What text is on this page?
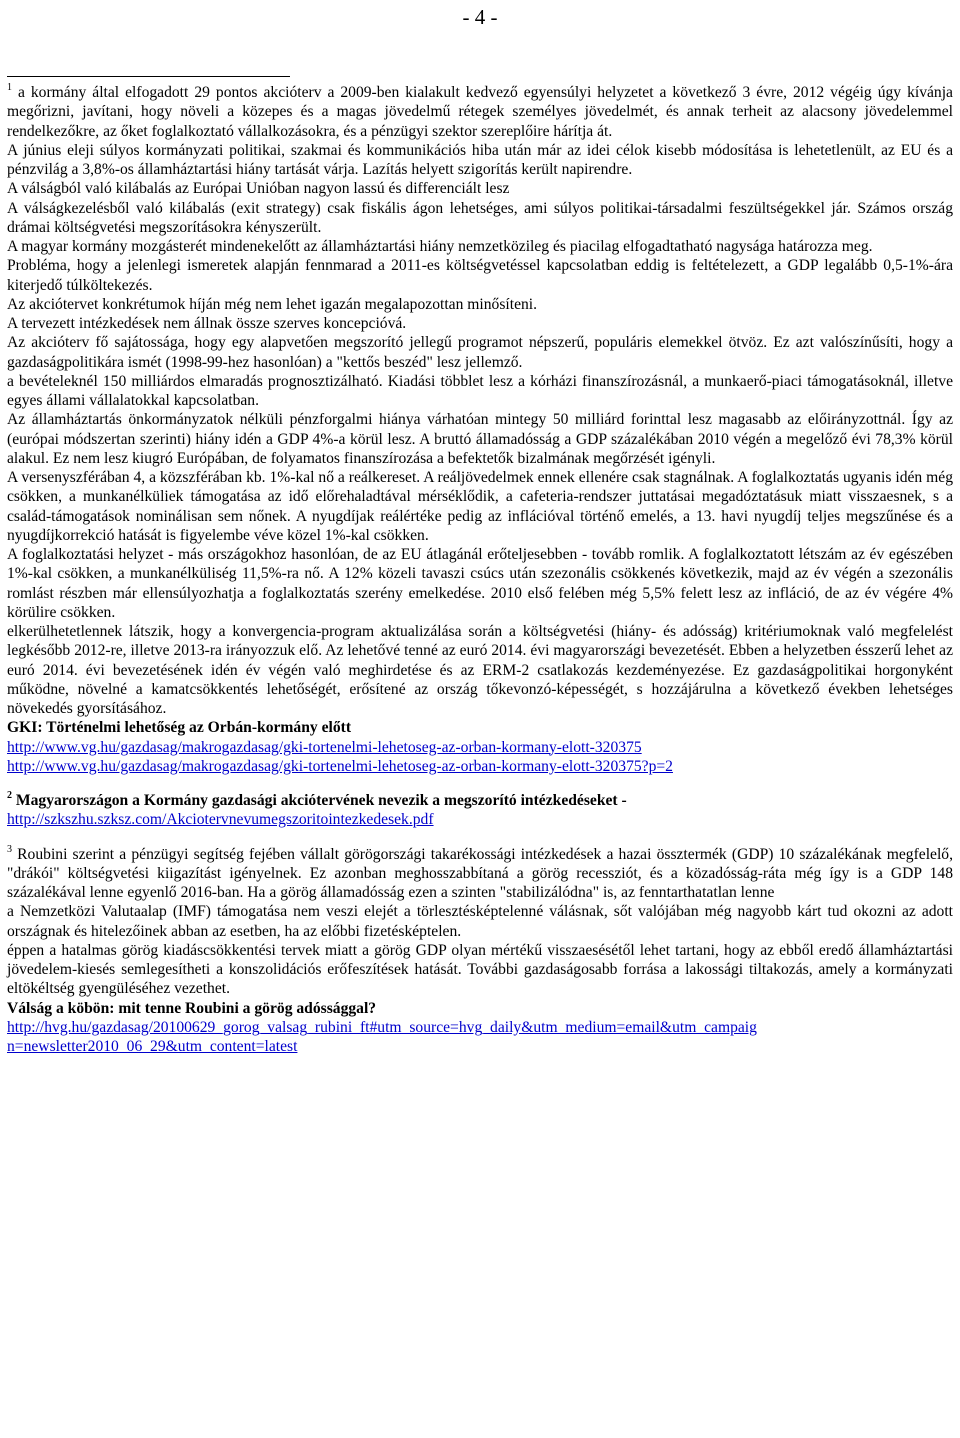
- 4 -

$^1$ a kormány által elfogadott 29 pontos akcióterv a 2009-ben kialakult kedvező egyensúlyi helyzetet a következő 3 évre, 2012 végéig úgy kívánja megőrizni, javítani, hogy növeli a közepes és a magas jövedelmű rétegek személyes jövedelmét, és annak terheit az alacsony jövedelemmel rendelkezőkre, az őket foglalkoztató vállalkozásokra, és a pénzügyi szektor szereplőire hárítja át.

A június eleji súlyos kormányzati politikai, szakmai és kommunikációs hiba után már az idei célok kisebb módosítása is lehetetlenült, az EU és a pénzvilág a 3,8%-os államháztartási hiány tartását várja. Lazítás helyett szigorítás került napirendre.

A válságból való kilábalás az Európai Unióban nagyon lassú és differenciált lesz

A válságkezelésből való kilábalás (exit strategy) csak fiskális ágon lehetséges, ami súlyos politikai-társadalmi feszültségekkel jár. Számos ország drámai költségvetési megszorításokra kényszerült.

A magyar kormány mozgásterét mindenekelőtt az államháztartási hiány nemzetközileg és piacilag elfogadtatható nagysága határozza meg.

Probléma, hogy a jelenlegi ismeretek alapján fennmarad a 2011-es költségvetéssel kapcsolatban eddig is feltételezett, a GDP legalább 0,5-1%-ára kiterjedő túlköltekezés.

Az akciótervet konkrétumok híján még nem lehet igazán megalapozottan minősíteni.

A tervezett intézkedések nem állnak össze szerves koncepcióvá.

Az akcióterv fő sajátossága, hogy egy alapvetően megszorító jellegű programot népszerű, populáris elemekkel ötvöz. Ez azt valószínűsíti, hogy a gazdaságpolitikára ismét (1998-99-hez hasonlóan) a "kettős beszéd" lesz jellemző.

a bevételeknél 150 milliárdos elmaradás prognosztizálható. Kiadási többlet lesz a kórházi finanszírozásnál, a munkaerő-piaci támogatásoknál, illetve egyes állami vállalatokkal kapcsolatban.

Az államháztartás önkormányzatok nélküli pénzforgalmi hiánya várhatóan mintegy 50 milliárd forinttal lesz magasabb az előirányzottnál. Így az (európai módszertan szerinti) hiány idén a GDP 4%-a körül lesz. A bruttó államadósság a GDP százalékában 2010 végén a megelőző évi 78,3% körül alakul. Ez nem lesz kiugró Európában, de folyamatos finanszírozása a befektetők bizalmának megőrzését igényli.

A versenyszférában 4, a közszférában kb. 1%-kal nő a reálkereset. A reáljövedelmek ennek ellenére csak stagnálnak. A foglalkoztatás ugyanis idén még csökken, a munkanélküliek támogatása az idő előrehaladtával mérséklődik, a cafeteria-rendszer juttatásai megadóztatásuk miatt visszaesnek, s a család-támogatások nominálisan sem nőnek. A nyugdíjak reálértéke pedig az inflációval történő emelés, a 13. havi nyugdíj teljes megszűnése és a nyugdíjkorrekció hatását is figyelembe véve közel 1%-kal csökken.

A foglalkoztatási helyzet - más országokhoz hasonlóan, de az EU átlagánál erőteljesebben - tovább romlik. A foglalkoztatott létszám az év egészében 1%-kal csökken, a munkanélküliség 11,5%-ra nő. A 12% közeli tavaszi csúcs után szezonális csökkenés következik, majd az év végén a szezonális romlást részben már ellensúlyozhatja a foglalkoztatás szerény emelkedése. 2010 első felében még 5,5% felett lesz az infláció, de az év végére 4% körülire csökken.

elkerülhetetlennek látszik, hogy a konvergencia-program aktualizálása során a költségvetési (hiány- és adósság) kritériumoknak való megfelelést legkésőbb 2012-re, illetve 2013-ra irányozzuk elő. Az lehetővé tenné az euró 2014. évi magyarországi bevezetését. Ebben a helyzetben ésszerű lehet az euró 2014. évi bevezetésének idén év végén való meghirdetése és az ERM-2 csatlakozás kezdeményezése. Ez gazdaságpolitikai horgonyként működne, növelné a kamatcsökkentés lehetőségét, erősítené az ország tőkevonzó-képességét, s hozzájárulna a következő években lehetséges növekedés gyorsításához.

GKI: Történelmi lehetőség az Orbán-kormány előtt

http://www.vg.hu/gazdasag/makrogazdasag/gki-tortenelmi-lehetoseg-az-orban-kormany-elott-320375

http://www.vg.hu/gazdasag/makrogazdasag/gki-tortenelmi-lehetoseg-az-orban-kormany-elott-320375?p=2

$^2$ Magyarországon a Kormány gazdasági akciótervének nevezik a megszorító intézkedéseket -

http://szkszhu.szksz.com/Akciotervnevumegszoritointezkedesek.pdf

$^3$ Roubini szerint a pénzügyi segítség fejében vállalt görögországi takarékossági intézkedések a hazai össztermék (GDP) 10 százalékának megfelelő, "drákói" költségvetési kiigazítást igényelnek. Ez azonban meghosszabbítaná a görög recessziót, és a közadósság-ráta még így is a GDP 148 százalékával lenne egyenlő 2016-ban. Ha a görög államadósság ezen a szinten "stabilizálódna" is, az fenntarthatatlan lenne

a Nemzetközi Valutaalap (IMF) támogatása nem veszi elejét a törlesztésképtelenné válásnak, sőt valójában még nagyobb kárt tud okozni az adott országnak és hitelezőinek abban az esetben, ha az előbbi fizetésképtelen.

éppen a hatalmas görög kiadáscsökkentési tervek miatt a görög GDP olyan mértékű visszaesésétől lehet tartani, hogy az ebből eredő államháztartási jövedelem-kiesés semlegesítheti a konszolidációs erőfeszítések hatását. További gazdaságosabb forrása a lakossági tiltakozás, amely a kormányzati eltökéltség gyengüléséhez vezethet.

Válság a köbön: mit tenne Roubini a görög adóssággal?

http://hvg.hu/gazdasag/20100629_gorog_valsag_rubini_ft#utm_source=hvg_daily&utm_medium=email&utm_campaig

n=newsletter2010_06_29&utm_content=latest
